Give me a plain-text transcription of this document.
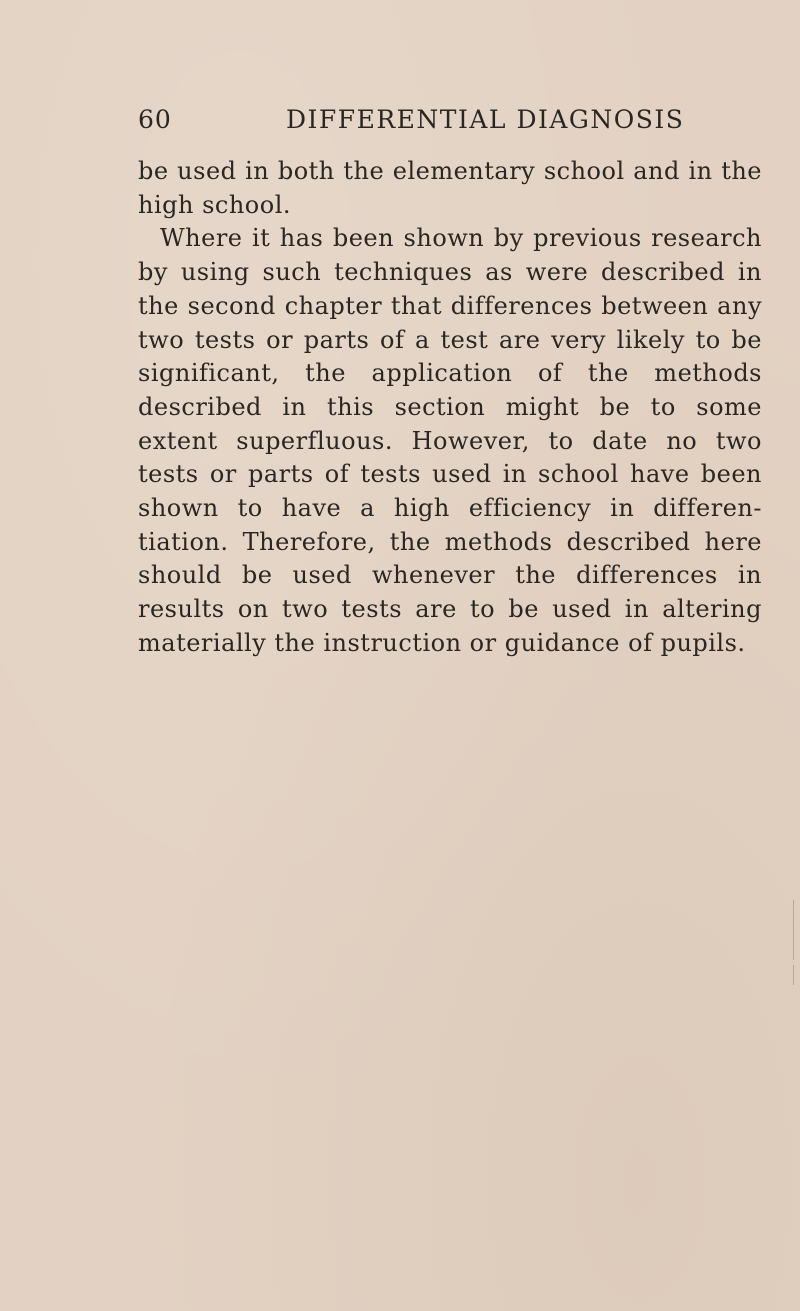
60	DIFFERENTIAL DIAGNOSIS

be used in both the elementary school and in the high school.

Where it has been shown by previous research by using such techniques as were described in the second chapter that differences between any two tests or parts of a test are very likely to be significant, the application of the methods described in this section might be to some extent superfluous. However, to date no two tests or parts of tests used in school have been shown to have a high efficiency in differen-tiation. Therefore, the methods described here should be used whenever the differences in results on two tests are to be used in altering materially the instruction or guidance of pupils.
